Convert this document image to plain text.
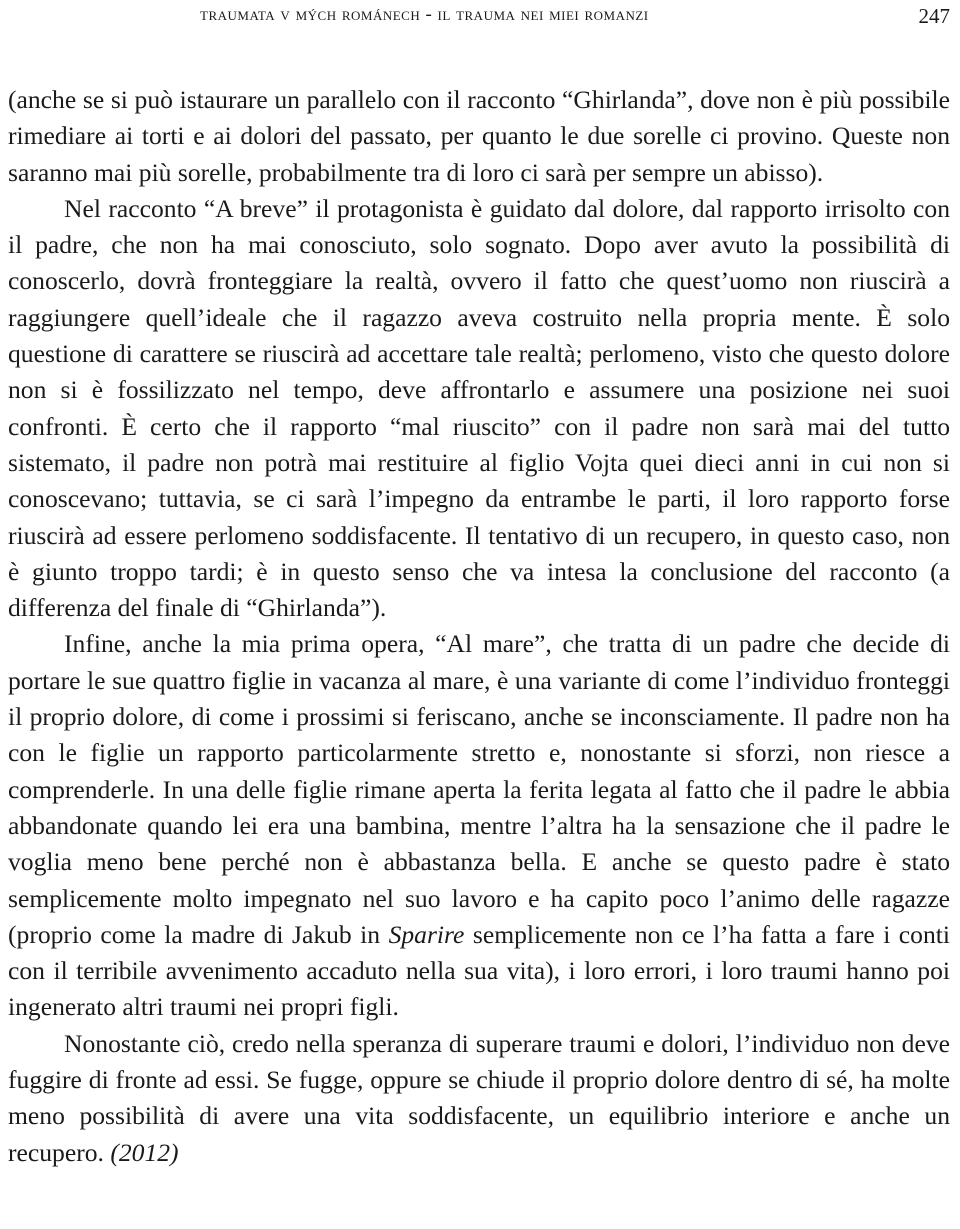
traumata v mých románech - il trauma nei miei romanzi	247

(anche se si può istaurare un parallelo con il racconto “Ghirlanda”, dove non è più possibile rimediare ai torti e ai dolori del passato, per quanto le due sorelle ci provino. Queste non saranno mai più sorelle, probabilmente tra di loro ci sarà per sempre un abisso).

Nel racconto “A breve” il protagonista è guidato dal dolore, dal rapporto irrisolto con il padre, che non ha mai conosciuto, solo sognato. Dopo aver avuto la possibilità di conoscerlo, dovrà fronteggiare la realtà, ovvero il fatto che quest’uomo non riuscirà a raggiungere quell’ideale che il ragazzo aveva costruito nella propria mente. È solo questione di carattere se riuscirà ad accettare tale realtà; perlomeno, visto che questo dolore non si è fossilizzato nel tempo, deve affrontarlo e assumere una posizione nei suoi confronti. È certo che il rapporto “mal riuscito” con il padre non sarà mai del tutto sistemato, il padre non potrà mai restituire al figlio Vojta quei dieci anni in cui non si conoscevano; tuttavia, se ci sarà l’impegno da entrambe le parti, il loro rapporto forse riuscirà ad essere perlomeno soddisfacente. Il tentativo di un recupero, in questo caso, non è giunto troppo tardi; è in questo senso che va intesa la conclusione del racconto (a differenza del finale di “Ghirlanda”).

Infine, anche la mia prima opera, “Al mare”, che tratta di un padre che decide di portare le sue quattro figlie in vacanza al mare, è una variante di come l’individuo fronteggi il proprio dolore, di come i prossimi si feriscano, anche se inconsciamente. Il padre non ha con le figlie un rapporto particolarmente stretto e, nonostante si sforzi, non riesce a comprenderle. In una delle figlie rimane aperta la ferita legata al fatto che il padre le abbia abbandonate quando lei era una bambina, mentre l’altra ha la sensazione che il padre le voglia meno bene perché non è abbastanza bella. E anche se questo padre è stato semplicemente molto impegnato nel suo lavoro e ha capito poco l’animo delle ragazze (proprio come la madre di Jakub in Sparire semplicemente non ce l’ha fatta a fare i conti con il terribile avvenimento accaduto nella sua vita), i loro errori, i loro traumi hanno poi ingenerato altri traumi nei propri figli.

Nonostante ciò, credo nella speranza di superare traumi e dolori, l’individuo non deve fuggire di fronte ad essi. Se fugge, oppure se chiude il proprio dolore dentro di sé, ha molte meno possibilità di avere una vita soddisfacente, un equilibrio interiore e anche un recupero. (2012)
